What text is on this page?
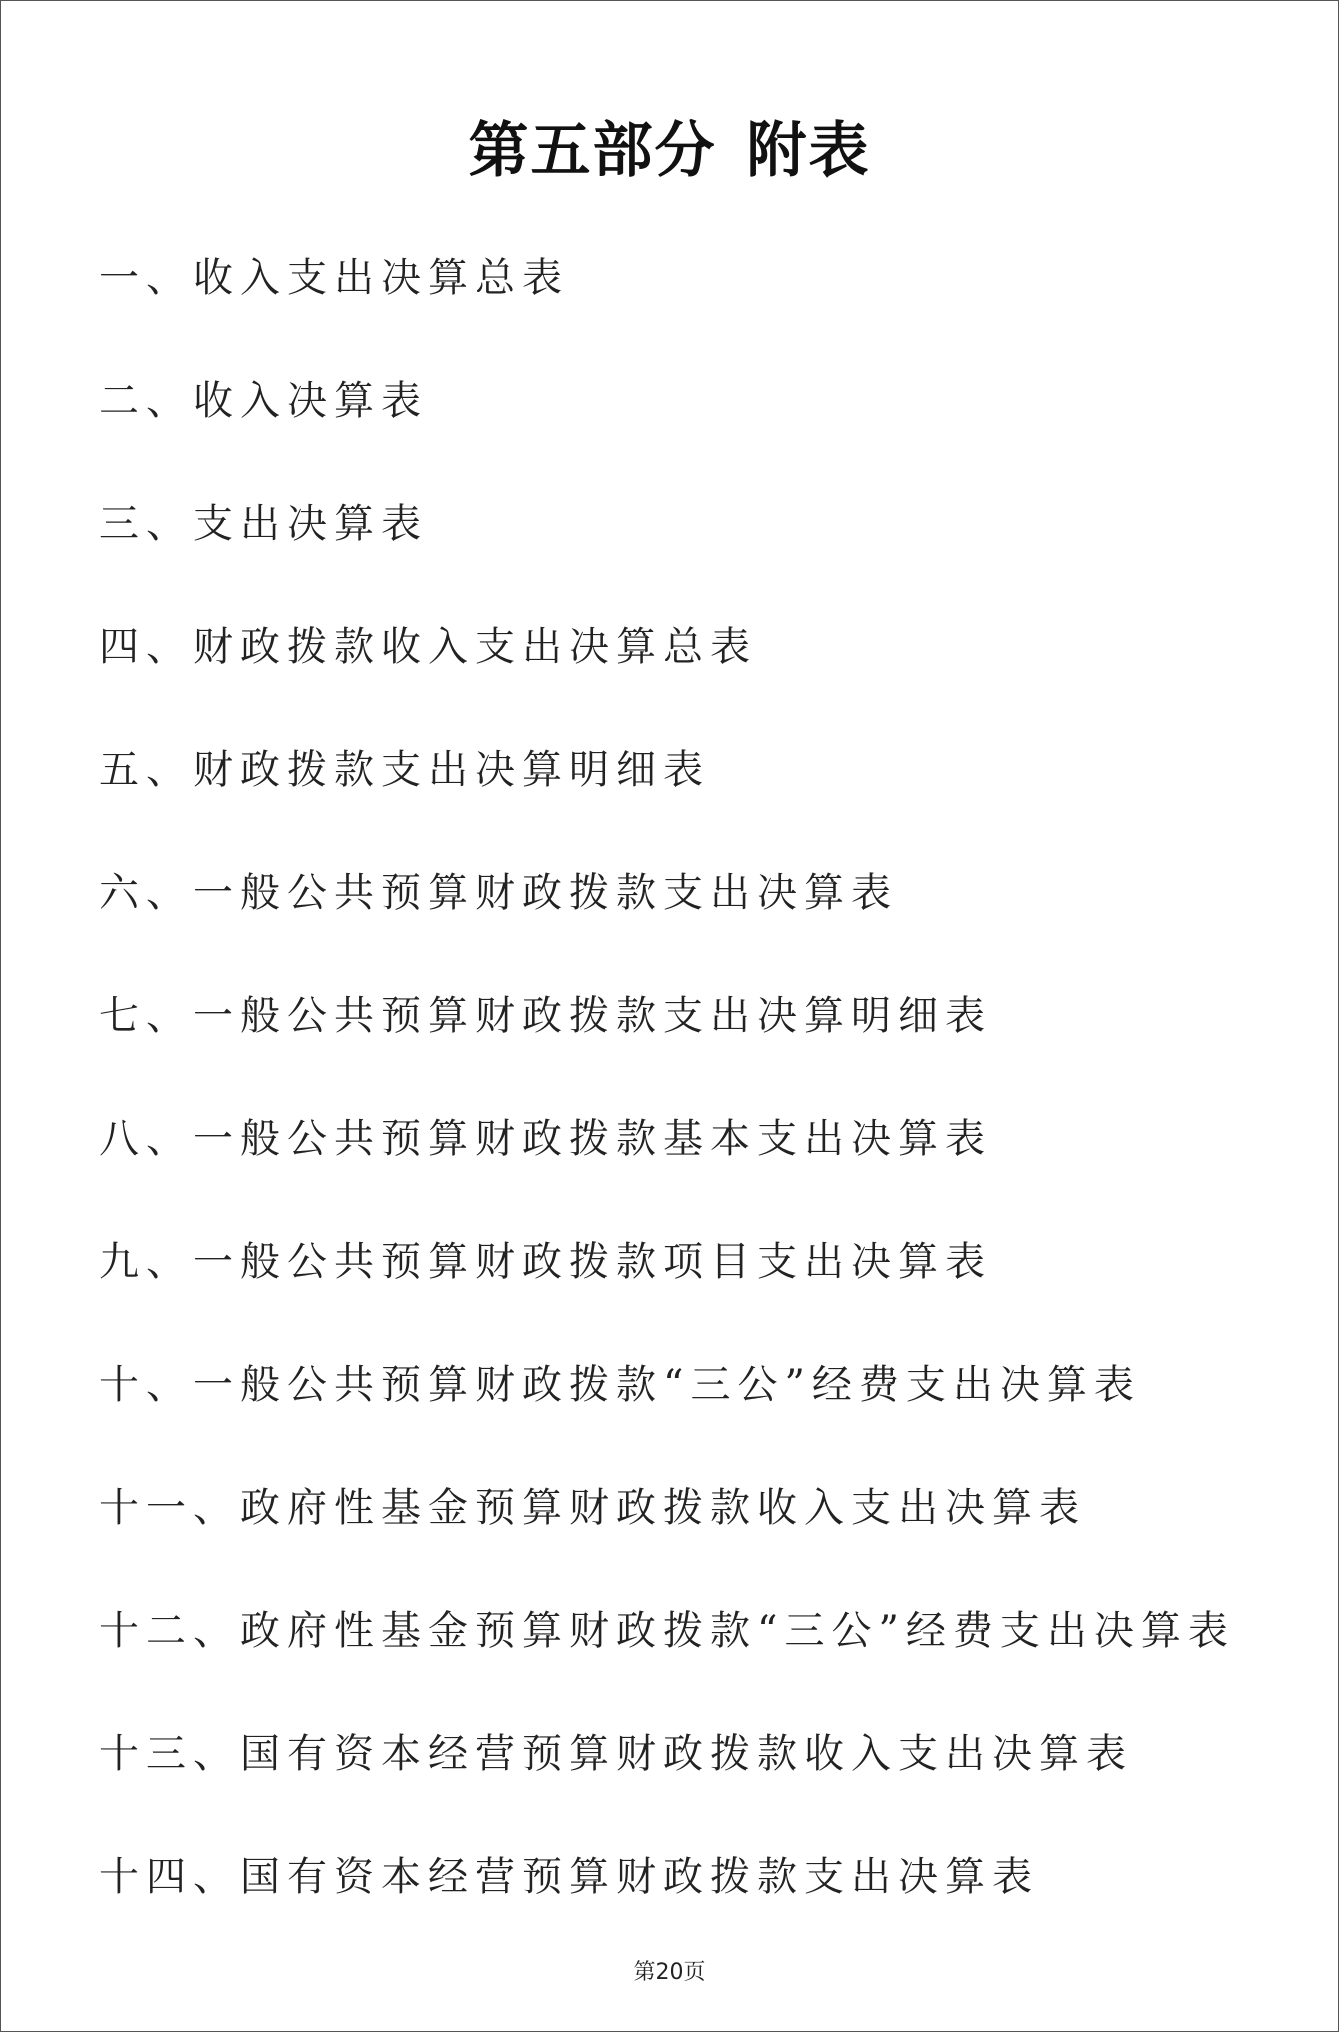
第五部分 附表
一、收入支出决算总表
二、收入决算表
三、支出决算表
四、财政拨款收入支出决算总表
五、财政拨款支出决算明细表
六、一般公共预算财政拨款支出决算表
七、一般公共预算财政拨款支出决算明细表
八、一般公共预算财政拨款基本支出决算表
九、一般公共预算财政拨款项目支出决算表
十、一般公共预算财政拨款“三公”经费支出决算表
十一、政府性基金预算财政拨款收入支出决算表
十二、政府性基金预算财政拨款“三公”经费支出决算表
十三、国有资本经营预算财政拨款收入支出决算表
十四、国有资本经营预算财政拨款支出决算表
第20页
